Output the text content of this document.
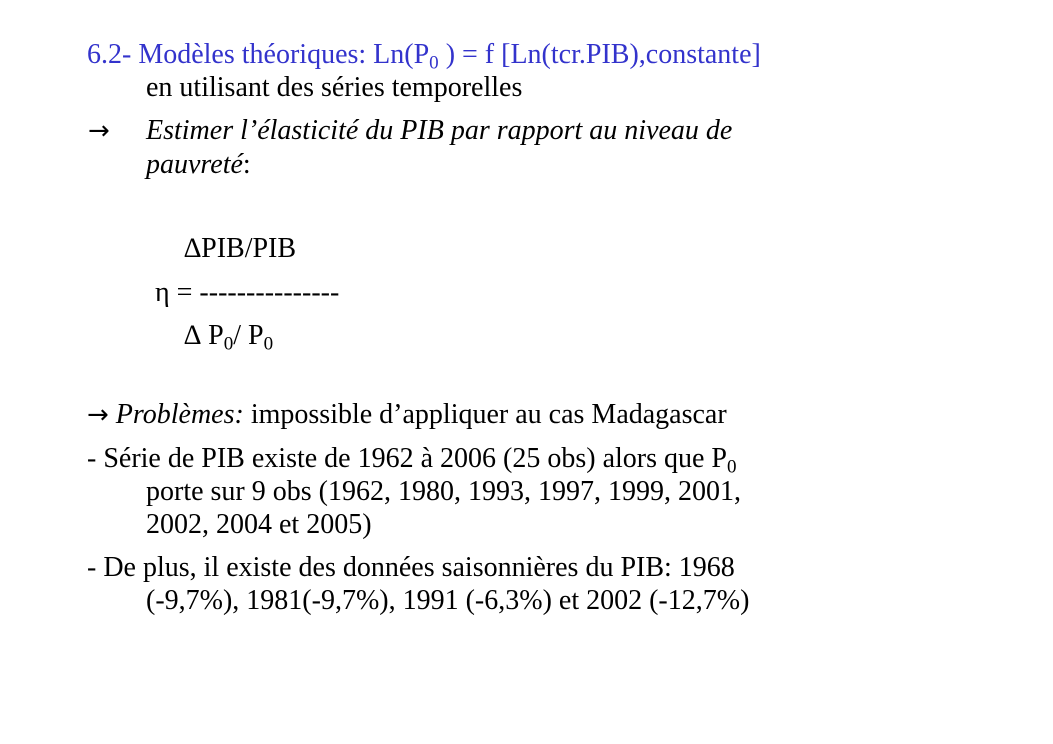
6.2- Modèles théoriques: $Ln(P_0$ ) = f [Ln(tcr.PIB),constante]
en utilisant des séries temporelles
→ Estimer l’élasticité du PIB par rapport au niveau de
pauvreté:
∆PIB/PIB
η = ---------------
∆ $P_0/$ $P_0$
→ Problèmes: impossible d’appliquer au cas Madagascar
- Série de PIB existe de 1962 à 2006 (25 obs) alors que $P_0$
porte sur 9 obs (1962, 1980, 1993, 1997, 1999, 2001,
2002, 2004 et 2005)
- De plus, il existe des données saisonnières du PIB: 1968
(-9,7%), 1981(-9,7%), 1991 (-6,3%) et 2002 (-12,7%)
